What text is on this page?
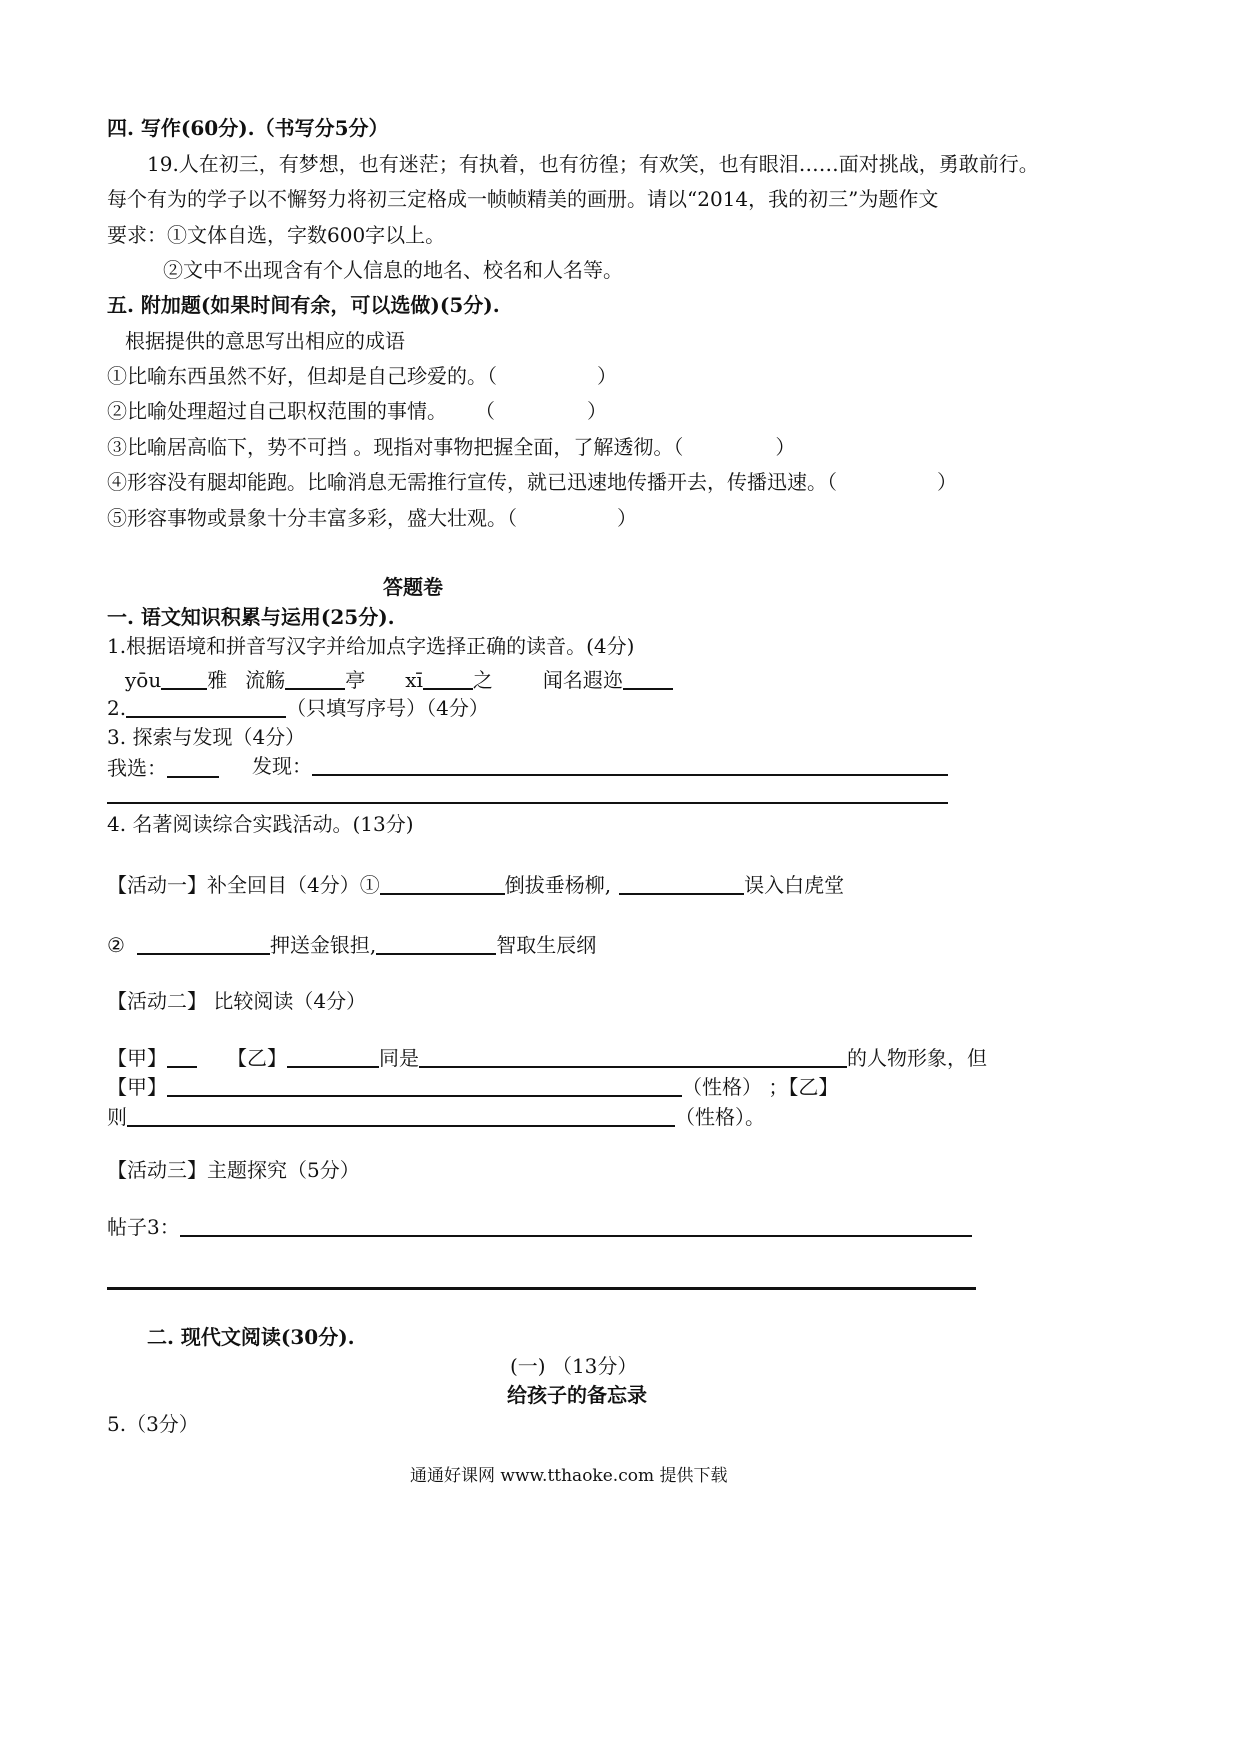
四. 写作(60分).（书写分5分）
19.人在初三，有梦想，也有迷茫；有执着，也有彷徨；有欢笑，也有眼泪……面对挑战，勇敢前行。
每个有为的学子以不懈努力将初三定格成一帧帧精美的画册。请以“2014，我的初三”为题作文
要求：①文体自选，字数600字以上。
②文中不出现含有个人信息的地名、校名和人名等。
五. 附加题(如果时间有余，可以选做)(5分).
根据提供的意思写出相应的成语
①比喻东西虽然不好，但却是自己珍爱的。（	）
②比喻处理超过自己职权范围的事情。 （	）
③比喻居高临下，势不可挡 。现指对事物把握全面，了解透彻。（	）
④形容没有腿却能跑。比喻消息无需推行宣传，就已迅速地传播开去，传播迅速。（	）
⑤形容事物或景象十分丰富多彩，盛大壮观。（	）
答题卷
一. 语文知识积累与运用(25分).
1.根据语境和拼音写汉字并给加点字选择正确的读音。(4分)
yōu 雅 流觞	亭 xī	之	闻名遐迩
2.	（只填写序号）（4分）
3. 探索与发现（4分）
我选：	发现：
4. 名著阅读综合实践活动。(13分)
【活动一】补全回目（4分）①	倒拔垂杨柳,	误入白虎堂
②	押送金银担,	智取生辰纲
【活动二】 比较阅读（4分）
【甲】	【乙】	同是	的人物形象，但
【甲】	（性格） ；【乙】
则	（性格）。
【活动三】主题探究（5分）
帖子3：
二. 现代文阅读(30分).
(一) （13分）
给孩子的备忘录
5.（3分）
通通好课网 www.tthaoke.com 提供下载
